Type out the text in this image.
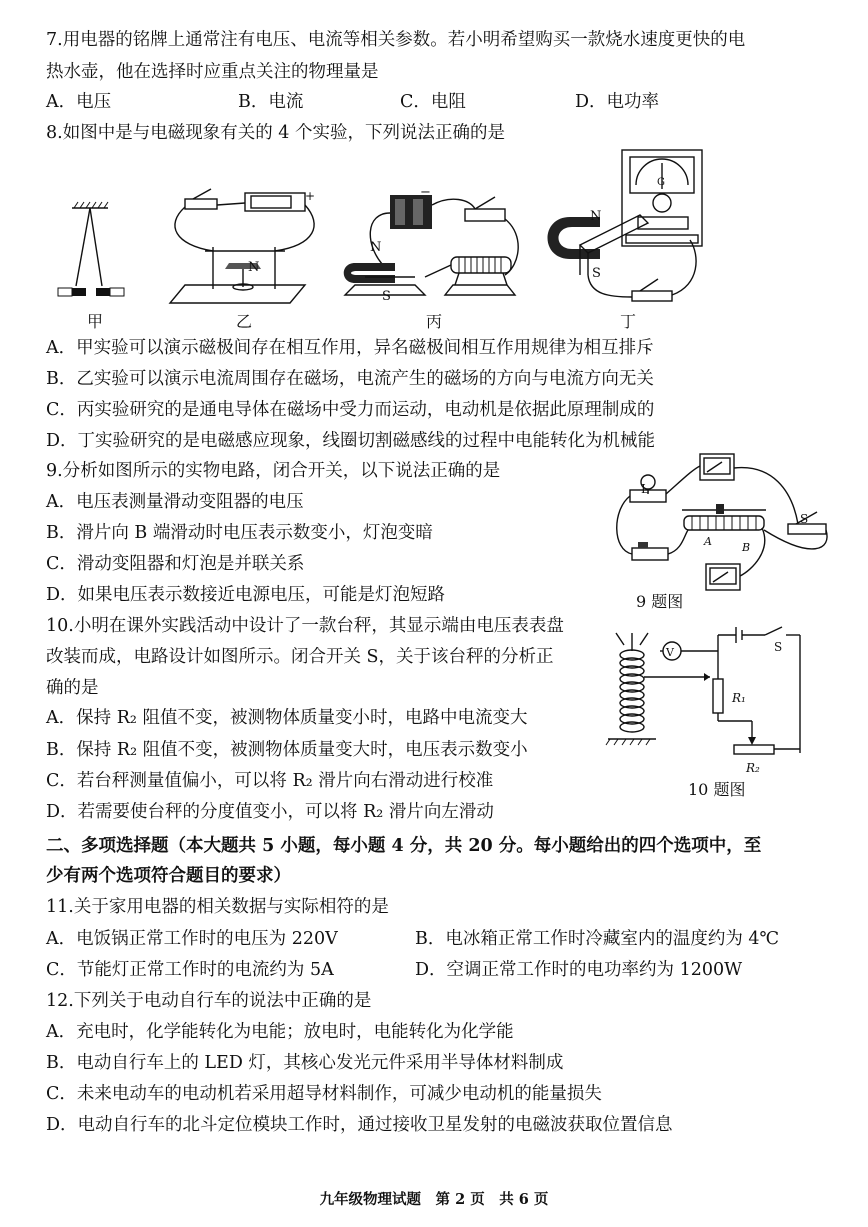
7.用电器的铭牌上通常注有电压、电流等相关参数。若小明希望购买一款烧水速度更快的电
热水壶，他在选择时应重点关注的物理量是
A．电压	B．电流	C．电阻	D．电功率
8.如图中是与电磁现象有关的 4 个实验，下列说法正确的是
甲
+
N
乙
−
N
S
丙
N
S
G
丁
A．甲实验可以演示磁极间存在相互作用，异名磁极间相互作用规律为相互排斥
B．乙实验可以演示电流周围存在磁场，电流产生的磁场的方向与电流方向无关
C．丙实验研究的是通电导体在磁场中受力而运动，电动机是依据此原理制成的
D．丁实验研究的是电磁感应现象，线圈切割磁感线的过程中电能转化为机械能
9.分析如图所示的实物电路，闭合开关，以下说法正确的是
A．电压表测量滑动变阻器的电压
B．滑片向 B 端滑动时电压表示数变小，灯泡变暗
C．滑动变阻器和灯泡是并联关系
D．如果电压表示数接近电源电压，可能是灯泡短路
L
S
A	B
9 题图
10.小明在课外实践活动中设计了一款台秤，其显示端由电压表表盘
改装而成，电路设计如图所示。闭合开关 S，关于该台秤的分析正
确的是
A．保持 R₂ 阻值不变，被测物体质量变小时，电路中电流变大
B．保持 R₂ 阻值不变，被测物体质量变大时，电压表示数变小
C．若台秤测量值偏小，可以将 R₂ 滑片向右滑动进行校准
D．若需要使台秤的分度值变小，可以将 R₂ 滑片向左滑动
V	S
R₁
R₂
10 题图
二、多项选择题（本大题共 5 小题，每小题 4 分，共 20 分。每小题给出的四个选项中，至
少有两个选项符合题目的要求）
11.关于家用电器的相关数据与实际相符的是
A．电饭锅正常工作时的电压为 220V	B．电冰箱正常工作时冷藏室内的温度约为 4℃
C．节能灯正常工作时的电流约为 5A	D．空调正常工作时的电功率约为 1200W
12.下列关于电动自行车的说法中正确的是
A．充电时，化学能转化为电能；放电时，电能转化为化学能
B．电动自行车上的 LED 灯，其核心发光元件采用半导体材料制成
C．未来电动车的电动机若采用超导材料制作，可减少电动机的能量损失
D．电动自行车的北斗定位模块工作时，通过接收卫星发射的电磁波获取位置信息
九年级物理试题　第 2 页　共 6 页
